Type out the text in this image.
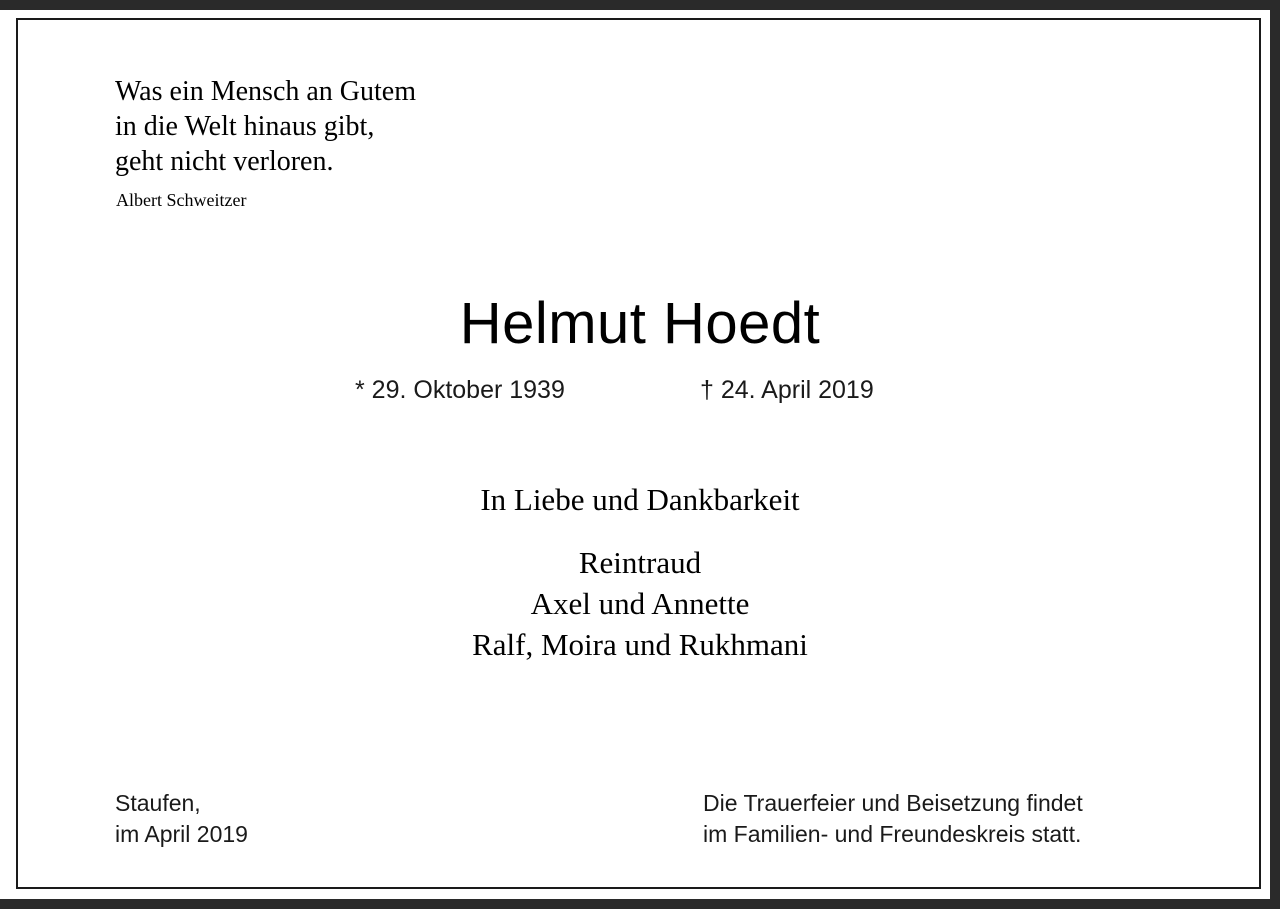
Was ein Mensch an Gutem
in die Welt hinaus gibt,
geht nicht verloren.
Albert Schweitzer
Helmut Hoedt
* 29. Oktober 1939	† 24. April 2019
In Liebe und Dankbarkeit
Reintraud
Axel und Annette
Ralf, Moira und Rukhmani
Staufen,
im April 2019
Die Trauerfeier und Beisetzung findet
im Familien- und Freundeskreis statt.
